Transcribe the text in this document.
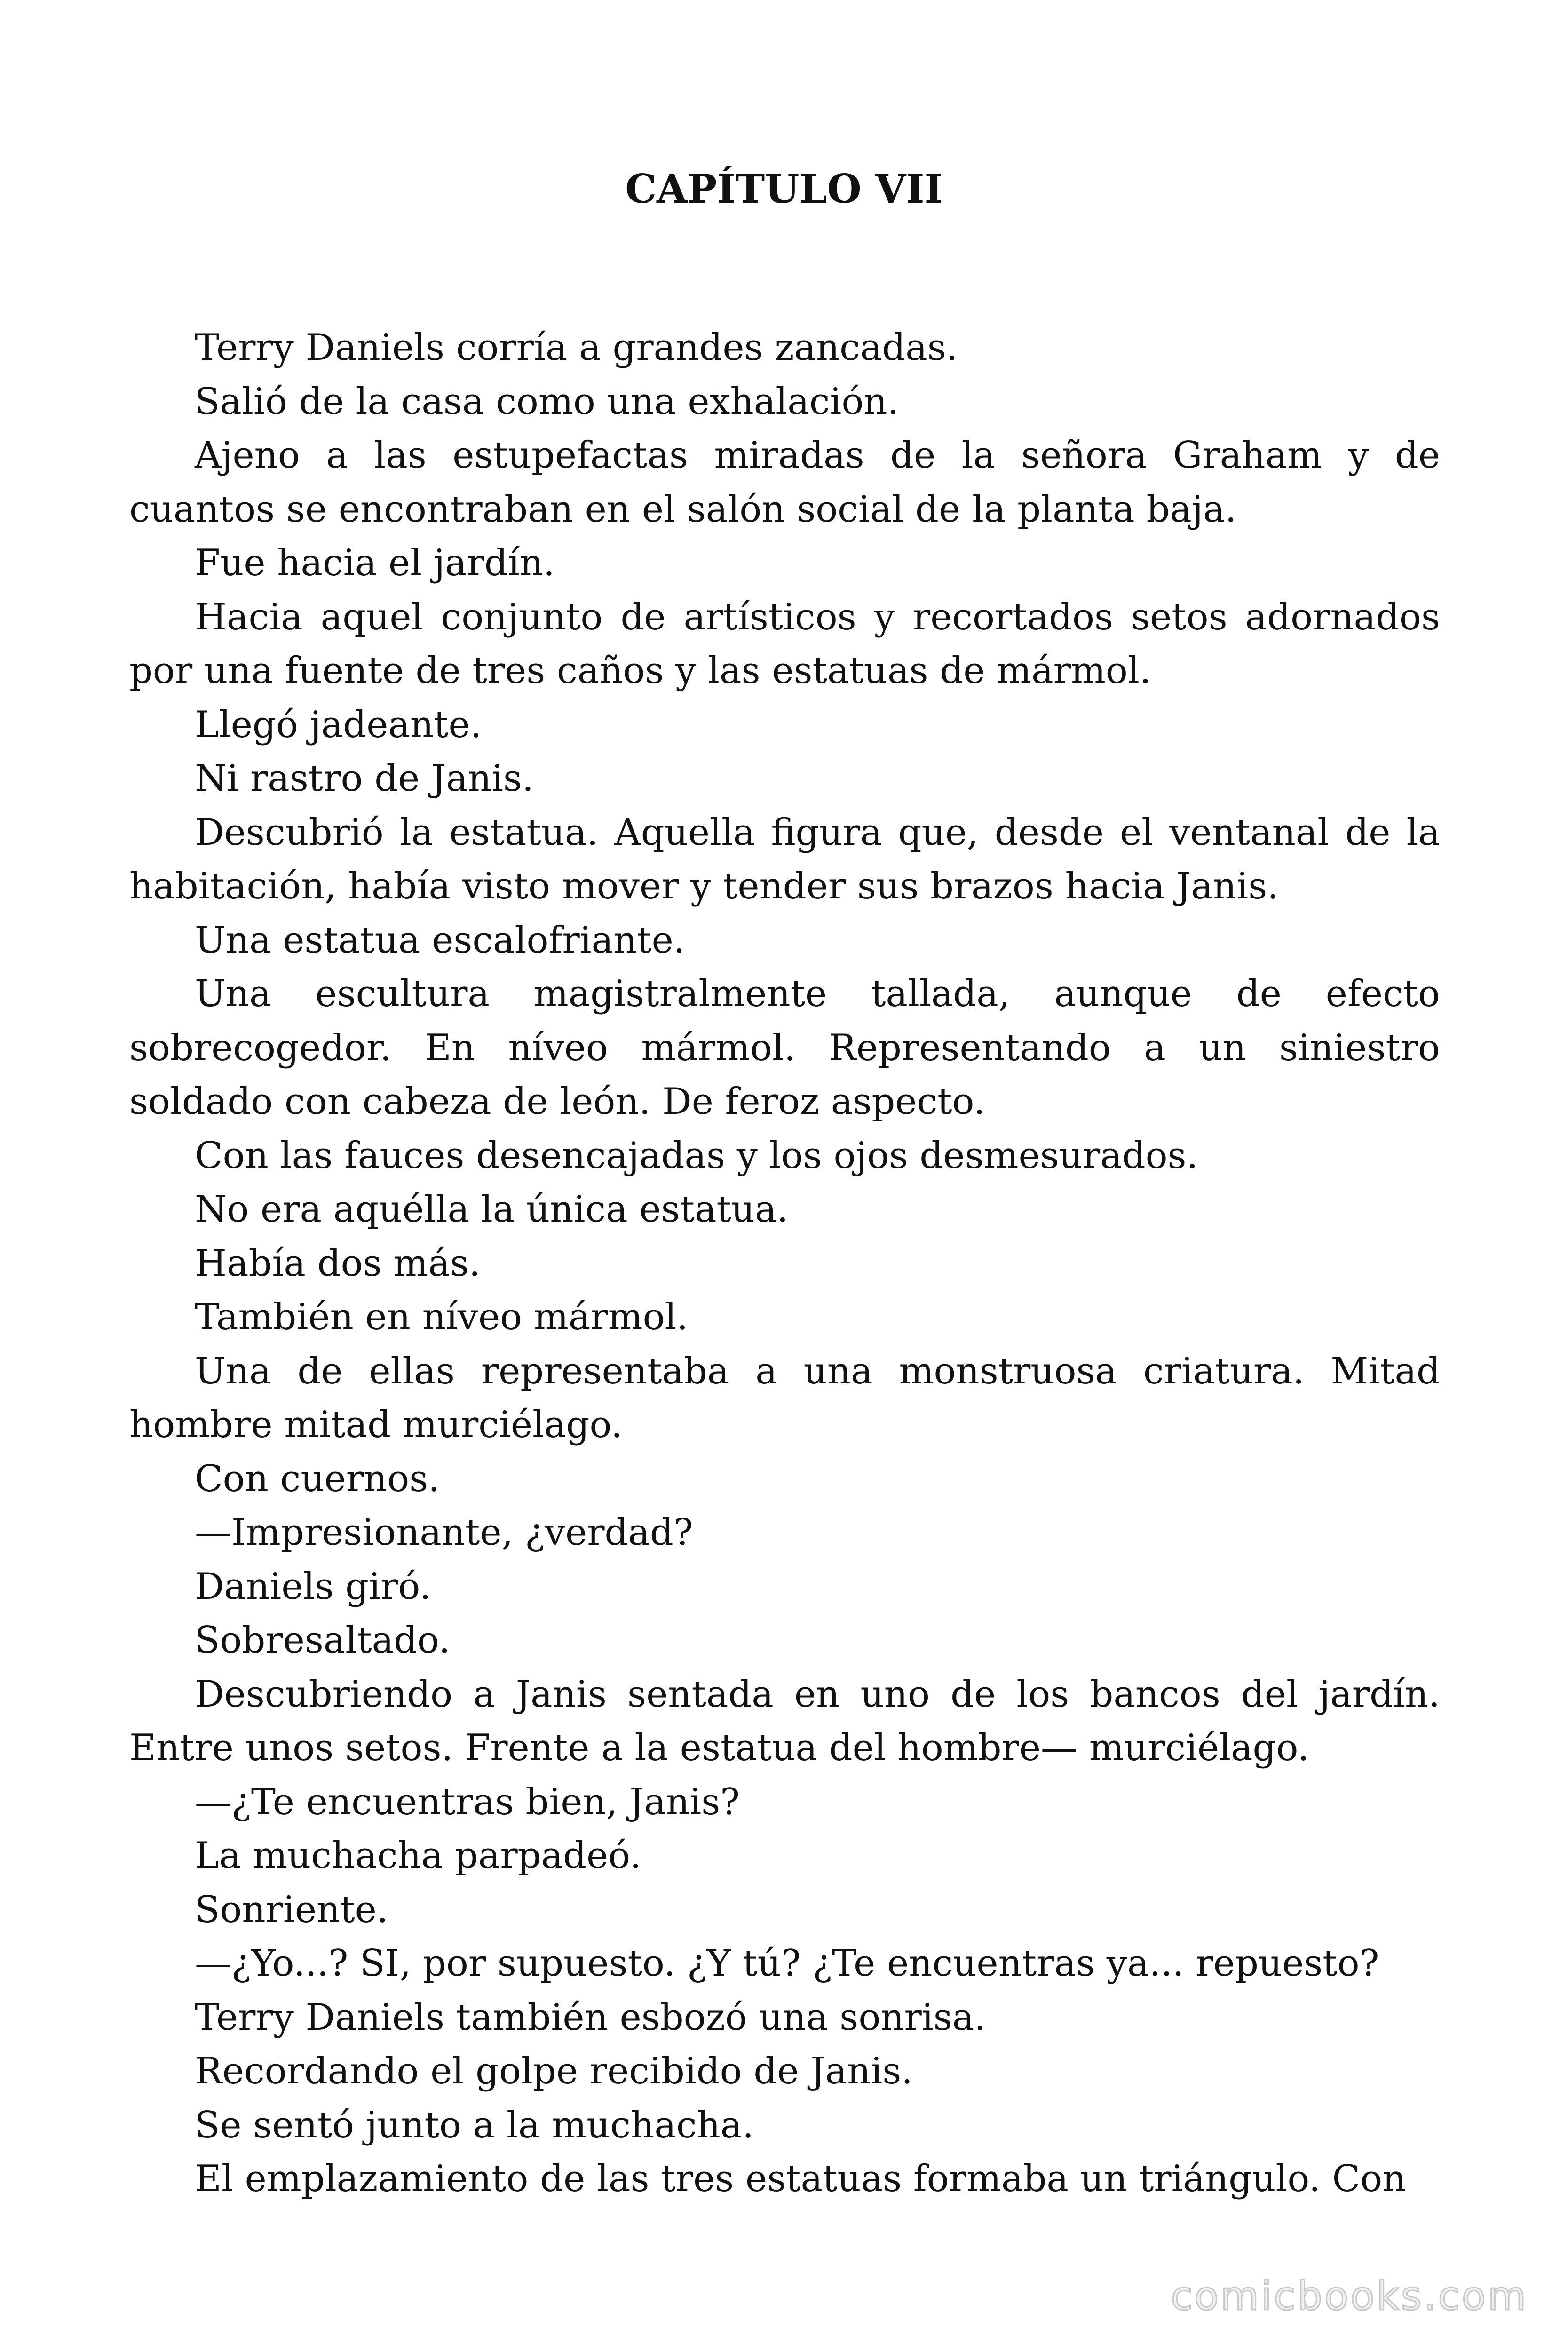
CAPÍTULO VII

Terry Daniels corría a grandes zancadas.

Salió de la casa como una exhalación.

Ajeno a las estupefactas miradas de la señora Graham y de cuantos se encontraban en el salón social de la planta baja.

Fue hacia el jardín.

Hacia aquel conjunto de artísticos y recortados setos adornados por una fuente de tres caños y las estatuas de mármol.

Llegó jadeante.

Ni rastro de Janis.

Descubrió la estatua. Aquella figura que, desde el ventanal de la habitación, había visto mover y tender sus brazos hacia Janis.

Una estatua escalofriante.

Una escultura magistralmente tallada, aunque de efecto sobrecogedor. En níveo mármol. Representando a un siniestro soldado con cabeza de león. De feroz aspecto.

Con las fauces desencajadas y los ojos desmesurados.

No era aquélla la única estatua.

Había dos más.

También en níveo mármol.

Una de ellas representaba a una monstruosa criatura. Mitad hombre mitad murciélago.

Con cuernos.

—Impresionante, ¿verdad?

Daniels giró.

Sobresaltado.

Descubriendo a Janis sentada en uno de los bancos del jardín. Entre unos setos. Frente a la estatua del hombre— murciélago.

—¿Te encuentras bien, Janis?

La muchacha parpadeó.

Sonriente.

—¿Yo...? SI, por supuesto. ¿Y tú? ¿Te encuentras ya... repuesto?

Terry Daniels también esbozó una sonrisa.

Recordando el golpe recibido de Janis.

Se sentó junto a la muchacha.

El emplazamiento de las tres estatuas formaba un triángulo. Con

comicbooks.com
